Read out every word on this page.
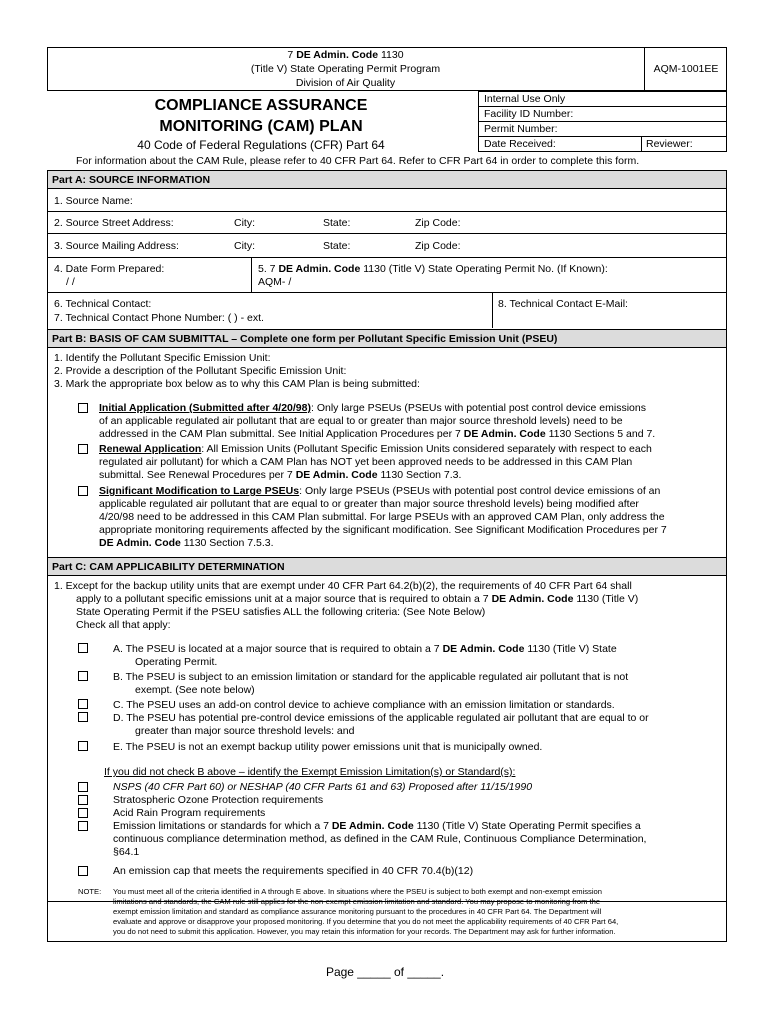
7 DE Admin. Code 1130
(Title V) State Operating Permit Program
Division of Air Quality
AQM-1001EE
COMPLIANCE ASSURANCE
MONITORING (CAM) PLAN
40 Code of Federal Regulations (CFR) Part 64
Internal Use Only
Facility ID Number:
Permit Number:
Date Received:	Reviewer:
For information about the CAM Rule, please refer to 40 CFR Part 64. Refer to CFR Part 64 in order to complete this form.
Part A: SOURCE INFORMATION
1. Source Name:
2. Source Street Address:	City:	State:	Zip Code:
3. Source Mailing Address:	City:	State:	Zip Code:
4. Date Form Prepared:
/ /
5. 7 DE Admin. Code 1130 (Title V) State Operating Permit No. (If Known):
AQM- /
6. Technical Contact:
7. Technical Contact Phone Number: ( ) - ext.
8. Technical Contact E-Mail:
Part B: BASIS OF CAM SUBMITTAL – Complete one form per Pollutant Specific Emission Unit (PSEU)
1. Identify the Pollutant Specific Emission Unit:
2. Provide a description of the Pollutant Specific Emission Unit:
3. Mark the appropriate box below as to why this CAM Plan is being submitted:
Initial Application (Submitted after 4/20/98): Only large PSEUs (PSEUs with potential post control device emissions
of an applicable regulated air pollutant that are equal to or greater than major source threshold levels) need to be
addressed in the CAM Plan submittal. See Initial Application Procedures per 7 DE Admin. Code 1130 Sections 5 and 7.
Renewal Application: All Emission Units (Pollutant Specific Emission Units considered separately with respect to each
regulated air pollutant) for which a CAM Plan has NOT yet been approved needs to be addressed in this CAM Plan
submittal. See Renewal Procedures per 7 DE Admin. Code 1130 Section 7.3.
Significant Modification to Large PSEUs: Only large PSEUs (PSEUs with potential post control device emissions of an
applicable regulated air pollutant that are equal to or greater than major source threshold levels) being modified after
4/20/98 need to be addressed in this CAM Plan submittal. For large PSEUs with an approved CAM Plan, only address the
appropriate monitoring requirements affected by the significant modification. See Significant Modification Procedures per 7
DE Admin. Code 1130 Section 7.5.3.
Part C: CAM APPLICABILITY DETERMINATION
1. Except for the backup utility units that are exempt under 40 CFR Part 64.2(b)(2), the requirements of 40 CFR Part 64 shall
apply to a pollutant specific emissions unit at a major source that is required to obtain a 7 DE Admin. Code 1130 (Title V)
State Operating Permit if the PSEU satisfies ALL the following criteria: (See Note Below)
Check all that apply:
A. The PSEU is located at a major source that is required to obtain a 7 DE Admin. Code 1130 (Title V) State
Operating Permit.
B. The PSEU is subject to an emission limitation or standard for the applicable regulated air pollutant that is not
exempt. (See note below)
C. The PSEU uses an add-on control device to achieve compliance with an emission limitation or standards.
D. The PSEU has potential pre-control device emissions of the applicable regulated air pollutant that are equal to or
greater than major source threshold levels: and
E. The PSEU is not an exempt backup utility power emissions unit that is municipally owned.
If you did not check B above – identify the Exempt Emission Limitation(s) or Standard(s):
NSPS (40 CFR Part 60) or NESHAP (40 CFR Parts 61 and 63) Proposed after 11/15/1990
Stratospheric Ozone Protection requirements
Acid Rain Program requirements
Emission limitations or standards for which a 7 DE Admin. Code 1130 (Title V) State Operating Permit specifies a
continuous compliance determination method, as defined in the CAM Rule, Continuous Compliance Determination,
§64.1
An emission cap that meets the requirements specified in 40 CFR 70.4(b)(12)
NOTE: You must meet all of the criteria identified in A through E above. In situations where the PSEU is subject to both exempt and non-exempt emission
limitations and standards, the CAM rule still applies for the non-exempt emission limitation and standard. You may propose to monitoring from the
exempt emission limitation and standard as compliance assurance monitoring pursuant to the procedures in 40 CFR Part 64. The Department will
evaluate and approve or disapprove your proposed monitoring. If you determine that you do not meet the applicability requirements of 40 CFR Part 64,
you do not need to submit this application. However, you may retain this information for your records. The Department may ask for further information.
Page _____ of _____.
